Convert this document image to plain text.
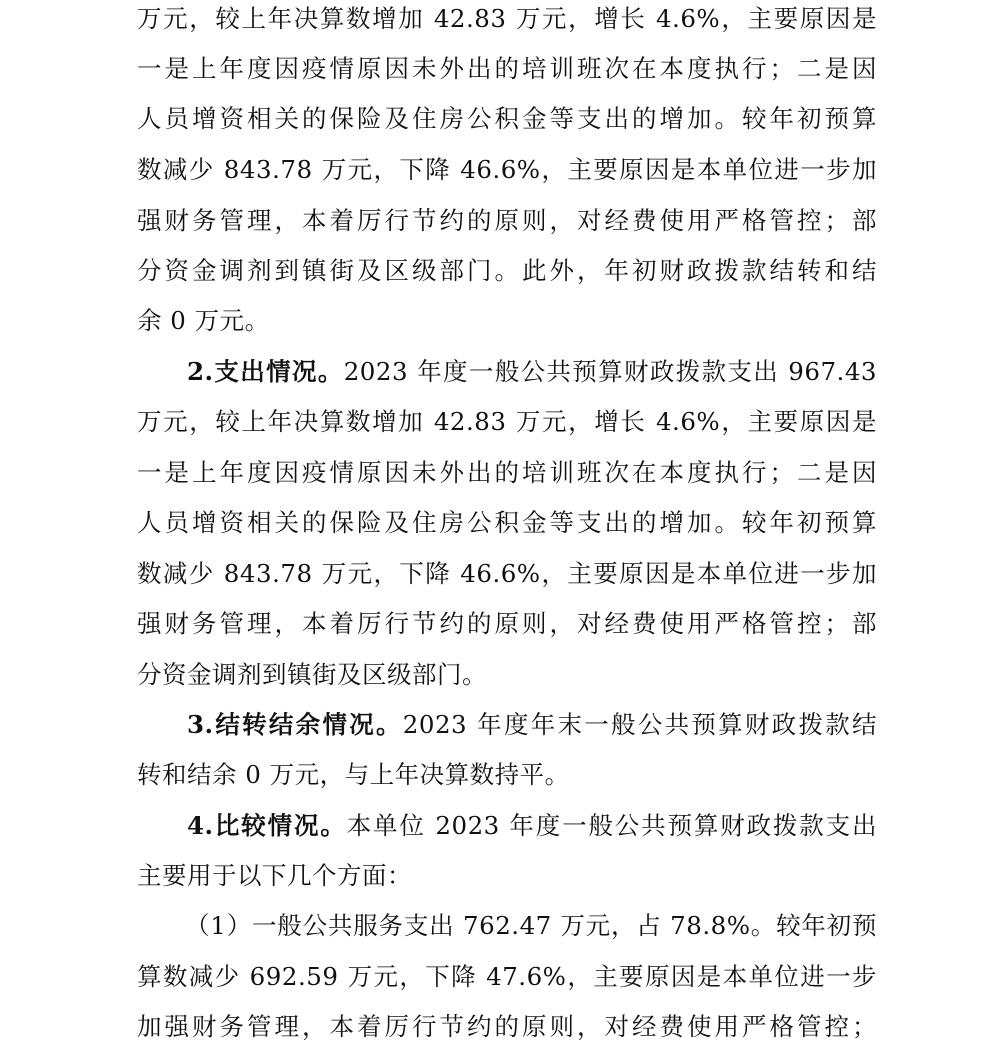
万元，较上年决算数增加 42.83 万元，增长 4.6%，主要原因是
一是上年度因疫情原因未外出的培训班次在本度执行；二是因
人员增资相关的保险及住房公积金等支出的增加。较年初预算
数减少 843.78 万元，下降 46.6%，主要原因是本单位进一步加
强财务管理，本着厉行节约的原则，对经费使用严格管控；部
分资金调剂到镇街及区级部门。此外，年初财政拨款结转和结
余 0 万元。
2.支出情况。2023 年度一般公共预算财政拨款支出 967.43
万元，较上年决算数增加 42.83 万元，增长 4.6%，主要原因是
一是上年度因疫情原因未外出的培训班次在本度执行；二是因
人员增资相关的保险及住房公积金等支出的增加。较年初预算
数减少 843.78 万元，下降 46.6%，主要原因是本单位进一步加
强财务管理，本着厉行节约的原则，对经费使用严格管控；部
分资金调剂到镇街及区级部门。
3.结转结余情况。2023 年度年末一般公共预算财政拨款结
转和结余 0 万元，与上年决算数持平。
4.比较情况。本单位 2023 年度一般公共预算财政拨款支出
主要用于以下几个方面：
（1）一般公共服务支出 762.47 万元，占 78.8%。较年初预
算数减少 692.59 万元，下降 47.6%，主要原因是本单位进一步
加强财务管理，本着厉行节约的原则，对经费使用严格管控；
